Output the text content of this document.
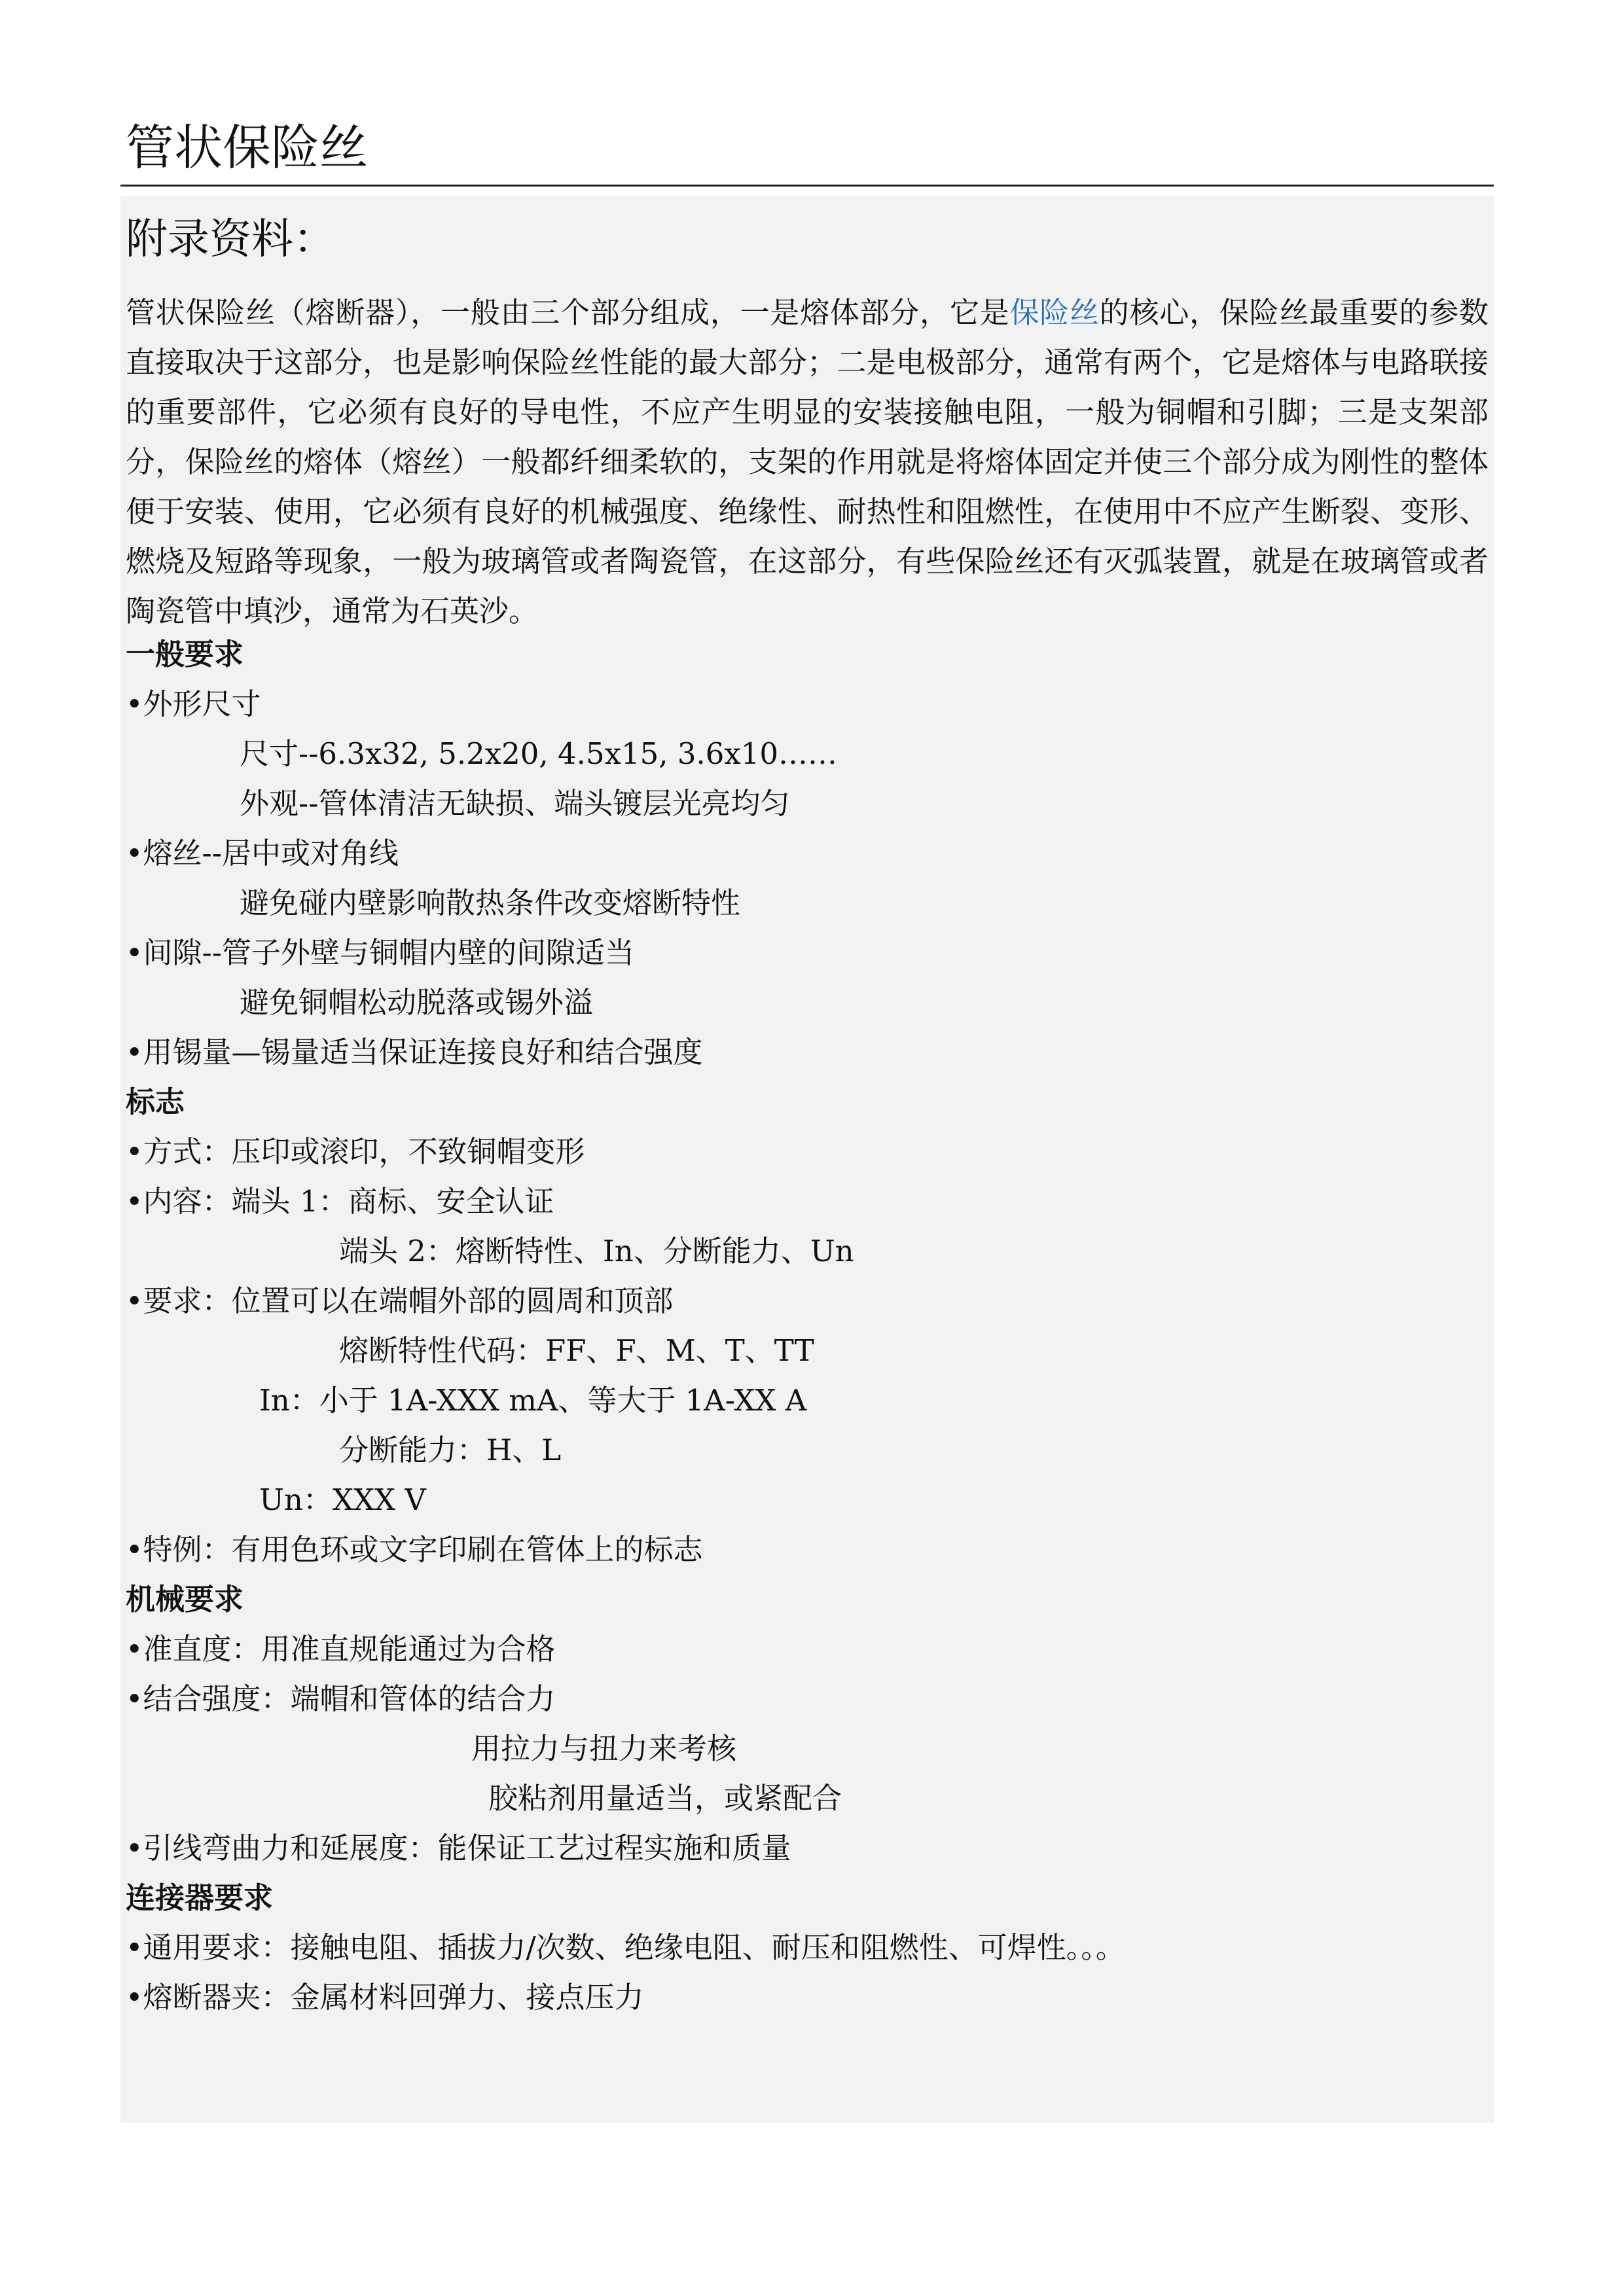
管状保险丝
附录资料：

管状保险丝（熔断器），一般由三个部分组成，一是熔体部分，它是保险丝的核心，保险丝最重要的参数直接取决于这部分，也是影响保险丝性能的最大部分；二是电极部分，通常有两个，它是熔体与电路联接的重要部件，它必须有良好的导电性，不应产生明显的安装接触电阻，一般为铜帽和引脚；三是支架部分，保险丝的熔体（熔丝）一般都纤细柔软的，支架的作用就是将熔体固定并使三个部分成为刚性的整体便于安装、使用，它必须有良好的机械强度、绝缘性、耐热性和阻燃性，在使用中不应产生断裂、变形、燃烧及短路等现象，一般为玻璃管或者陶瓷管，在这部分，有些保险丝还有灭弧装置，就是在玻璃管或者陶瓷管中填沙，通常为石英沙。

一般要求

•外形尺寸

尺寸--6.3x32, 5.2x20, 4.5x15, 3.6x10……

外观--管体清洁无缺损、端头镀层光亮均匀

•熔丝--居中或对角线

避免碰内壁影响散热条件改变熔断特性

•间隙--管子外壁与铜帽内壁的间隙适当

避免铜帽松动脱落或锡外溢

•用锡量—锡量适当保证连接良好和结合强度

标志

•方式：压印或滚印，不致铜帽变形

•内容：端头 1：商标、安全认证

端头 2：熔断特性、In、分断能力、Un

•要求：位置可以在端帽外部的圆周和顶部

熔断特性代码：FF、F、M、T、TT

In：小于 1A-XXX mA、等大于 1A-XX A

分断能力：H、L

Un：XXX V

•特例：有用色环或文字印刷在管体上的标志

机械要求

•准直度：用准直规能通过为合格

•结合强度：端帽和管体的结合力

用拉力与扭力来考核

胶粘剂用量适当，或紧配合

•引线弯曲力和延展度：能保证工艺过程实施和质量

连接器要求

•通用要求：接触电阻、插拔力/次数、绝缘电阻、耐压和阻燃性、可焊性。。。

•熔断器夹：金属材料回弹力、接点压力
